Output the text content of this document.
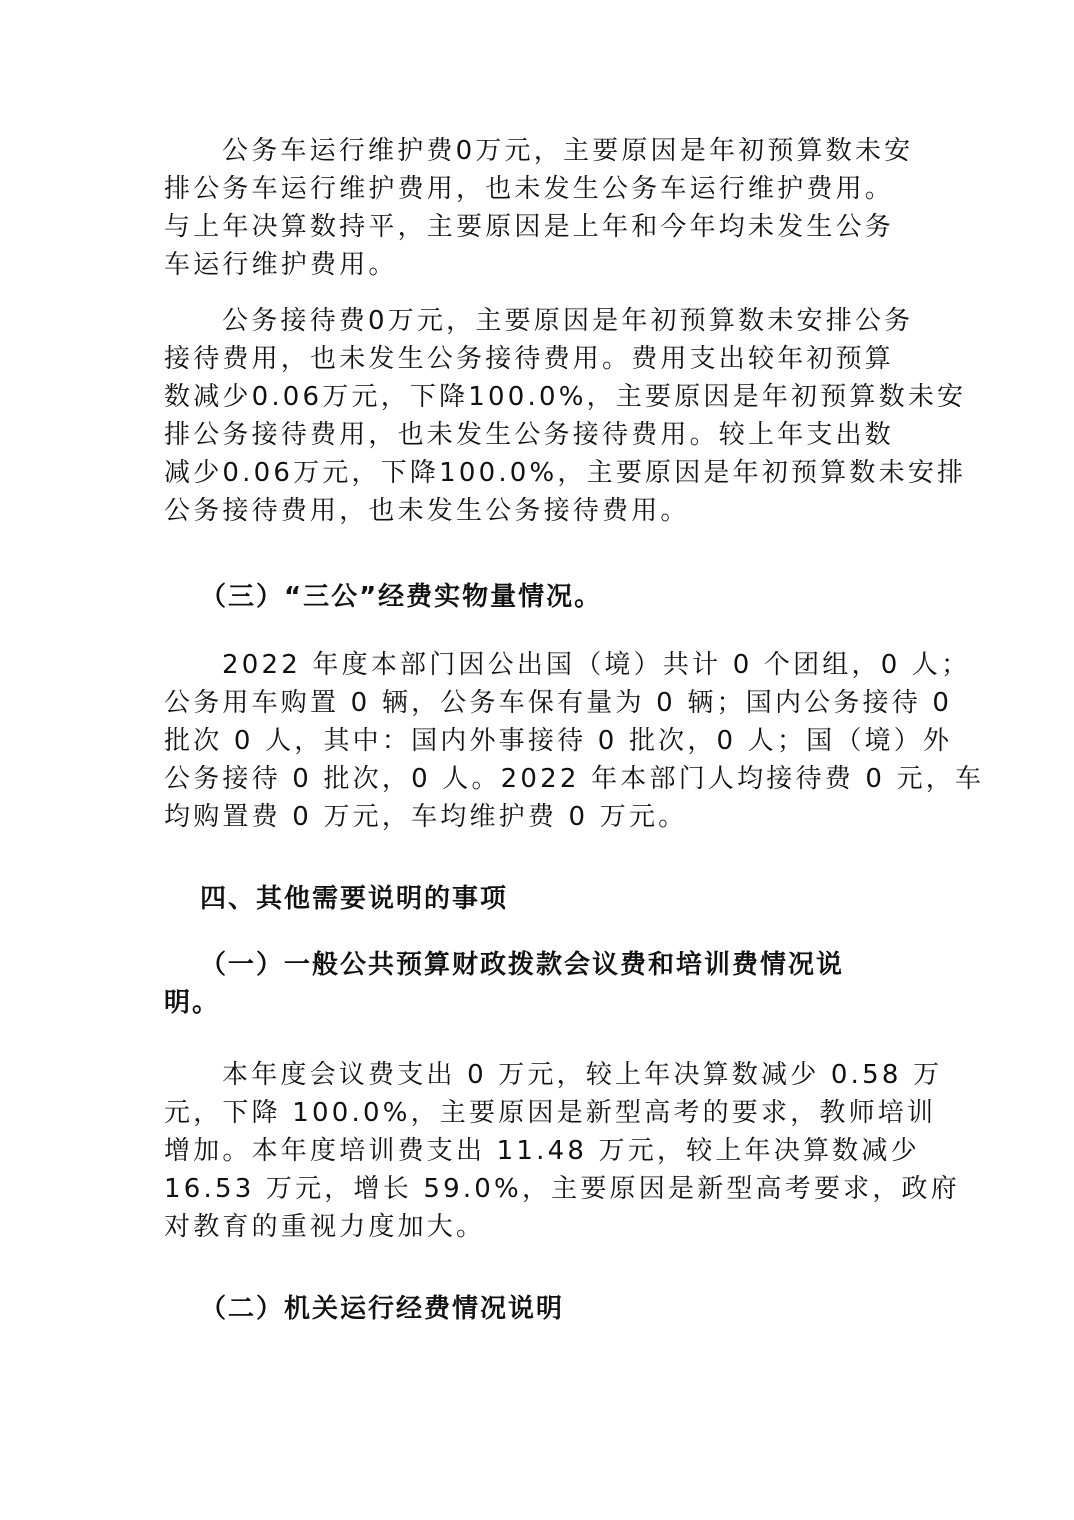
公务车运行维护费0万元，主要原因是年初预算数未安
排公务车运行维护费用，也未发生公务车运行维护费用。
与上年决算数持平，主要原因是上年和今年均未发生公务
车运行维护费用。
公务接待费0万元，主要原因是年初预算数未安排公务
接待费用，也未发生公务接待费用。费用支出较年初预算
数减少0.06万元，下降100.0%，主要原因是年初预算数未安
排公务接待费用，也未发生公务接待费用。较上年支出数
减少0.06万元，下降100.0%，主要原因是年初预算数未安排
公务接待费用，也未发生公务接待费用。
（三）“三公”经费实物量情况。
2022 年度本部门因公出国（境）共计 0 个团组，0 人；
公务用车购置 0 辆，公务车保有量为 0 辆；国内公务接待 0
批次 0 人，其中：国内外事接待 0 批次，0 人；国（境）外
公务接待 0 批次，0 人。2022 年本部门人均接待费 0 元，车
均购置费 0 万元，车均维护费 0 万元。
四、其他需要说明的事项
（一）一般公共预算财政拨款会议费和培训费情况说
明。
本年度会议费支出 0 万元，较上年决算数减少 0.58 万
元，下降 100.0%，主要原因是新型高考的要求，教师培训
增加。本年度培训费支出 11.48 万元，较上年决算数减少
16.53 万元，增长 59.0%，主要原因是新型高考要求，政府
对教育的重视力度加大。
（二）机关运行经费情况说明
